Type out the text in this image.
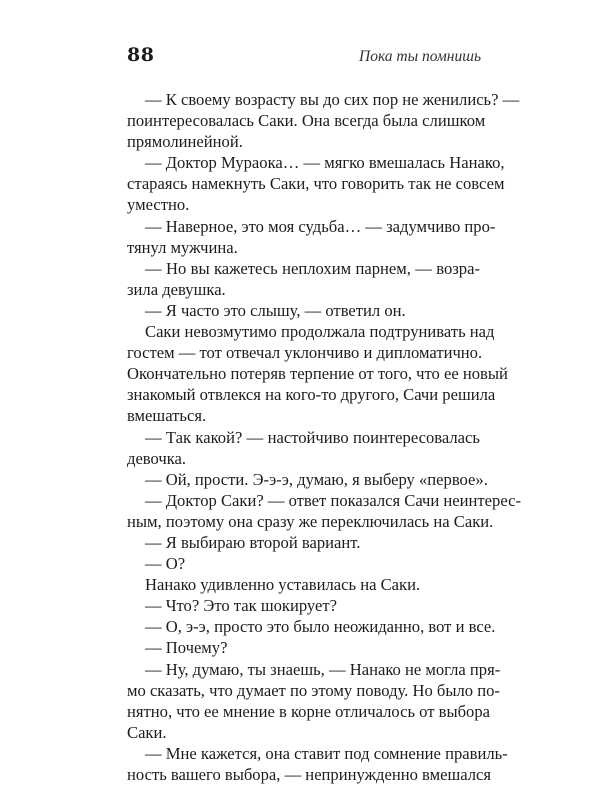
88	Пока ты помнишь
— К своему возрасту вы до сих пор не женились? —
поинтересовалась Саки. Она всегда была слишком
прямолинейной.
— Доктор Мураока… — мягко вмешалась Нанако,
стараясь намекнуть Саки, что говорить так не совсем
уместно.
— Наверное, это моя судьба… — задумчиво про-
тянул мужчина.
— Но вы кажетесь неплохим парнем, — возра-
зила девушка.
— Я часто это слышу, — ответил он.
Саки невозмутимо продолжала подтрунивать над
гостем — тот отвечал уклончиво и дипломатично.
Окончательно потеряв терпение от того, что ее новый
знакомый отвлекся на кого-то другого, Сачи решила
вмешаться.
— Так какой? — настойчиво поинтересовалась
девочка.
— Ой, прости. Э-э-э, думаю, я выберу «первое».
— Доктор Саки? — ответ показался Сачи неинтерес-
ным, поэтому она сразу же переключилась на Саки.
— Я выбираю второй вариант.
— О?
Нанако удивленно уставилась на Саки.
— Что? Это так шокирует?
— О, э-э, просто это было неожиданно, вот и все.
— Почему?
— Ну, думаю, ты знаешь, — Нанако не могла пря-
мо сказать, что думает по этому поводу. Но было по-
нятно, что ее мнение в корне отличалось от выбора
Саки.
— Мне кажется, она ставит под сомнение правиль-
ность вашего выбора, — непринужденно вмешался
